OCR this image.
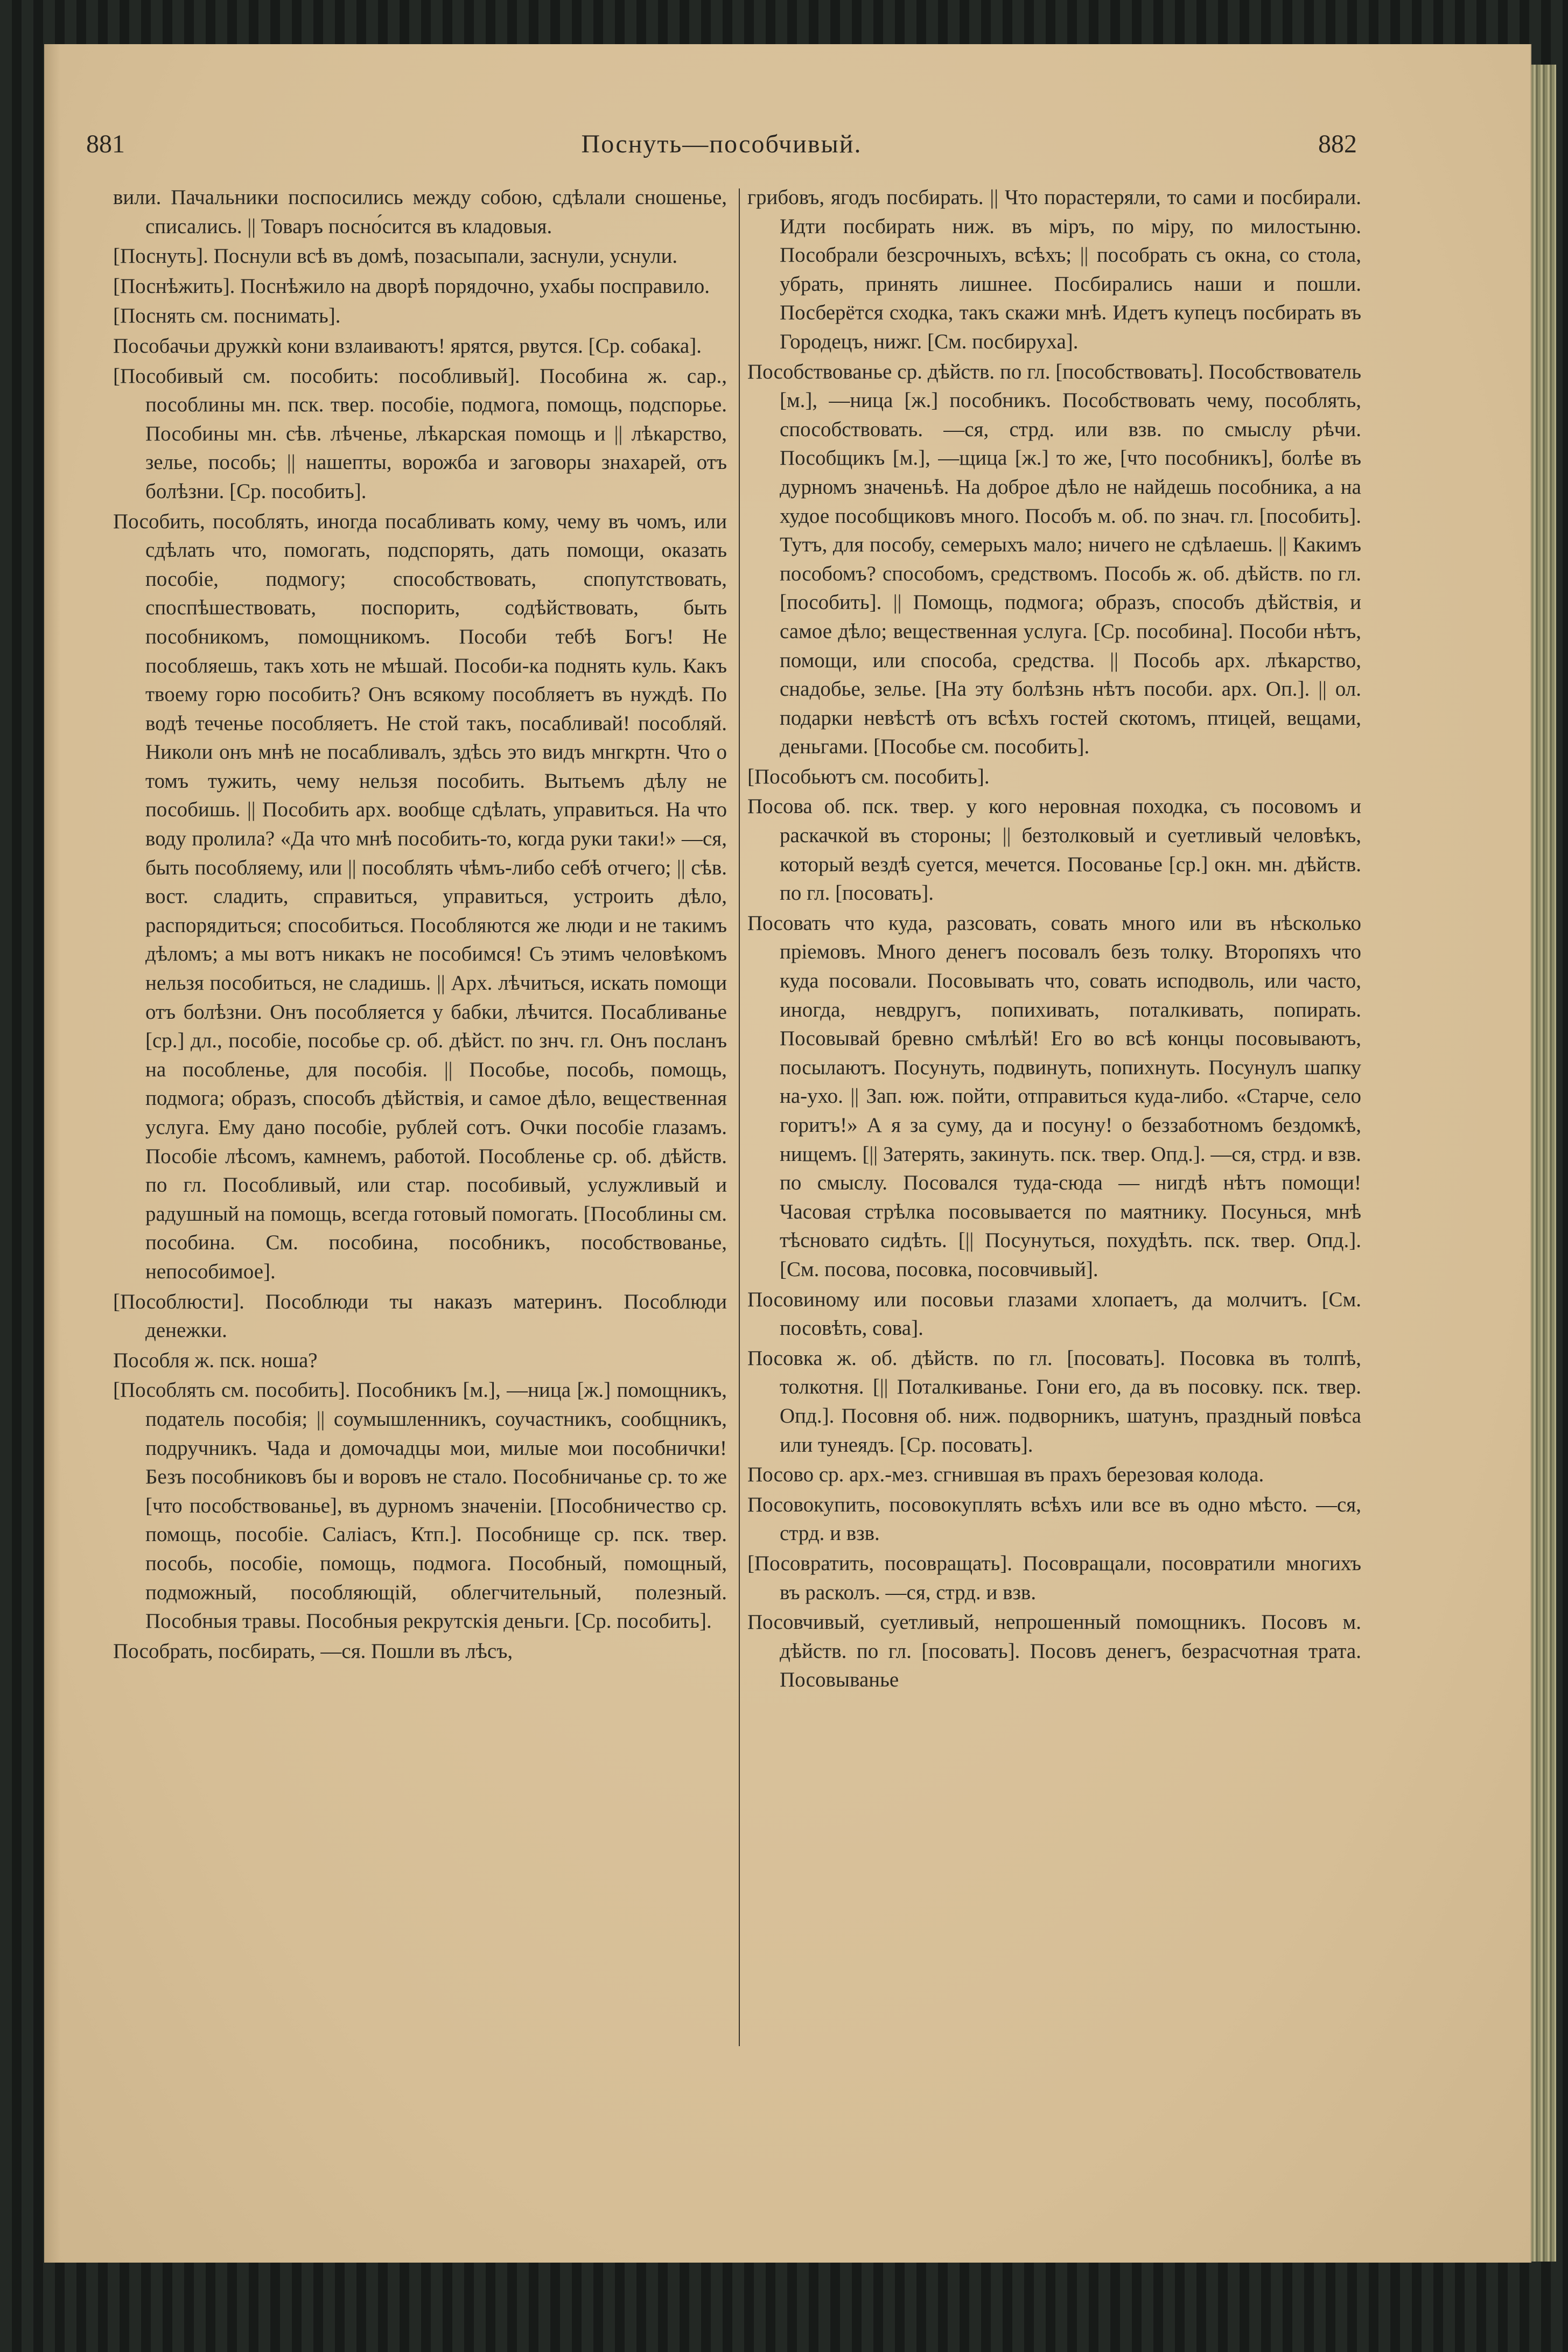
881	Поснуть—пособчивый.	882

вили. Пачальники поспосились между собою, сдѣлали сношенье, списались. || Товаръ посно́сится въ кладовыя.

[Поснуть]. Поснули всѣ въ домѣ, позасыпали, заснули, уснули.

[Поснѣжить]. Поснѣжило на дворѣ порядочно, ухабы посправило.

[Поснять см. поснимать].

Пособачьи дружкѝ кони взлаиваютъ! ярятся, рвутся. [Ср. собака].

[Пособивый см. пособить: пособливый]. Пособина ж. сар., пособлины мн. пск. твер. пособіе, подмога, помощь, подспорье. Пособины мн. сѣв. лѣченье, лѣкарская помощь и || лѣкарство, зелье, пособь; || нашепты, ворожба и заговоры знахарей, отъ болѣзни. [Ср. пособить].

Пособить, пособлять, иногда посабливать кому, чему въ чомъ, или сдѣлать что, помогать, подспорять, дать помощи, оказать пособіе, подмогу; способствовать, спопутствовать, споспѣшествовать, поспорить, содѣйствовать, быть пособникомъ, помощникомъ. Пособи тебѣ Богъ! Не пособляешь, такъ хоть не мѣшай. Пособи-ка поднять куль. Какъ твоему горю пособить? Онъ всякому пособляетъ въ нуждѣ. По водѣ теченье пособляетъ. Не стой такъ, посабливай! пособляй. Николи онъ мнѣ не посабливалъ, здѣсь это видъ мнгкртн. Что о томъ тужить, чему нельзя пособить. Вытьемъ дѣлу не пособишь. || Пособить арх. вообще сдѣлать, управиться. На что воду пролила? «Да что мнѣ пособить-то, когда руки таки!» —ся, быть пособляему, или || пособлять чѣмъ-либо себѣ отчего; || сѣв. вост. сладить, справиться, управиться, устроить дѣло, распорядиться; способиться. Пособляются же люди и не такимъ дѣломъ; а мы вотъ никакъ не пособимся! Съ этимъ человѣкомъ нельзя пособиться, не сладишь. || Арх. лѣчиться, искать помощи отъ болѣзни. Онъ пособляется у бабки, лѣчится. Посабливанье [ср.] дл., пособіе, пособье ср. об. дѣйст. по знч. гл. Онъ посланъ на пособленье, для пособія. || Пособье, пособь, помощь, подмога; образъ, способъ дѣйствія, и самое дѣло, вещественная услуга. Ему дано пособіе, рублей сотъ. Очки пособіе глазамъ. Пособіе лѣсомъ, камнемъ, работой. Пособленье ср. об. дѣйств. по гл. Пособливый, или стар. пособивый, услужливый и радушный на помощь, всегда готовый помогать. [Пособлины см. пособина. См. пособина, пособникъ, пособствованье, непособимое].

[Пособлюсти]. Пособлюди ты наказъ материнъ. Пособлюди денежки.

Пособля ж. пск. ноша?

[Пособлять см. пособить]. Пособникъ [м.], —ница [ж.] помощникъ, податель пособія; || соумышленникъ, соучастникъ, сообщникъ, подручникъ. Чада и домочадцы мои, милые мои пособнички! Безъ пособниковъ бы и воровъ не стало. Пособничанье ср. то же [что пособствованье], въ дурномъ значеніи. [Пособничество ср. помощь, пособіе. Саліасъ, Ктп.]. Пособнище ср. пск. твер. пособь, пособіе, помощь, подмога. Пособный, помощный, подможный, пособляющій, облегчительный, полезный. Пособныя травы. Пособныя рекрутскія деньги. [Ср. пособить].

Пособрать, посбирать, —ся. Пошли въ лѣсъ,

грибовъ, ягодъ посбирать. || Что порастеряли, то сами и посбирали. Идти посбирать ниж. въ міръ, по міру, по милостыню. Пособрали безсрочныхъ, всѣхъ; || пособрать съ окна, со стола, убрать, принять лишнее. Посбирались наши и пошли. Посберётся сходка, такъ скажи мнѣ. Идетъ купецъ посбирать въ Городецъ, нижг. [См. посбируха].

Пособствованье ср. дѣйств. по гл. [пособствовать]. Пособствователь [м.], —ница [ж.] пособникъ. Пособствовать чему, пособлять, способствовать. —ся, стрд. или взв. по смыслу рѣчи. Пособщикъ [м.], —щица [ж.] то же, [что пособникъ], болѣе въ дурномъ значеньѣ. На доброе дѣло не найдешь пособника, а на худое пособщиковъ много. Пособъ м. об. по знач. гл. [пособить]. Тутъ, для пособу, семерыхъ мало; ничего не сдѣлаешь. || Какимъ пособомъ? способомъ, средствомъ. Пособь ж. об. дѣйств. по гл. [пособить]. || Помощь, подмога; образъ, способъ дѣйствія, и самое дѣло; вещественная услуга. [Ср. пособина]. Пособи нѣтъ, помощи, или способа, средства. || Пособь арх. лѣкарство, снадобье, зелье. [На эту болѣзнь нѣтъ пособи. арх. Оп.]. || ол. подарки невѣстѣ отъ всѣхъ гостей скотомъ, птицей, вещами, деньгами. [Пособье см. пособить].

[Пособьютъ см. пособить].

Посова об. пск. твер. у кого неровная походка, съ посовомъ и раскачкой въ стороны; || безтолковый и суетливый человѣкъ, который вездѣ суется, мечется. Посованье [ср.] окн. мн. дѣйств. по гл. [посовать].

Посовать что куда, разсовать, совать много или въ нѣсколько пріемовъ. Много денегъ посовалъ безъ толку. Второпяхъ что куда посовали. Посовывать что, совать исподволь, или часто, иногда, невдругъ, попихивать, поталкивать, попирать. Посовывай бревно смѣлѣй! Его во всѣ концы посовываютъ, посылаютъ. Посунуть, подвинуть, попихнуть. Посунулъ шапку на-ухо. || Зап. юж. пойти, отправиться куда-либо. «Старче, село горитъ!» А я за суму, да и посуну! о беззаботномъ бездомкѣ, нищемъ. [|| Затерять, закинуть. пск. твер. Опд.]. —ся, стрд. и взв. по смыслу. Посовался туда-сюда — нигдѣ нѣтъ помощи! Часовая стрѣлка посовывается по маятнику. Посунься, мнѣ тѣсновато сидѣть. [|| Посунуться, похудѣть. пск. твер. Опд.]. [См. посова, посовка, посовчивый].

Посовиному или посовьи глазами хлопаетъ, да молчитъ. [См. посовѣть, сова].

Посовка ж. об. дѣйств. по гл. [посовать]. Посовка въ толпѣ, толкотня. [|| Поталкиванье. Гони его, да въ посовку. пск. твер. Опд.]. Посовня об. ниж. подворникъ, шатунъ, праздный повѣса или тунеядъ. [Ср. посовать].

Посово ср. арх.-мез. сгнившая въ прахъ березовая колода.

Посовокупить, посовокуплять всѣхъ или все въ одно мѣсто. —ся, стрд. и взв.

[Посовратить, посовращать]. Посовращали, посовратили многихъ въ расколъ. —ся, стрд. и взв.

Посовчивый, суетливый, непрошенный помощникъ. Посовъ м. дѣйств. по гл. [посовать]. Посовъ денегъ, безрасчотная трата. Посовыванье
